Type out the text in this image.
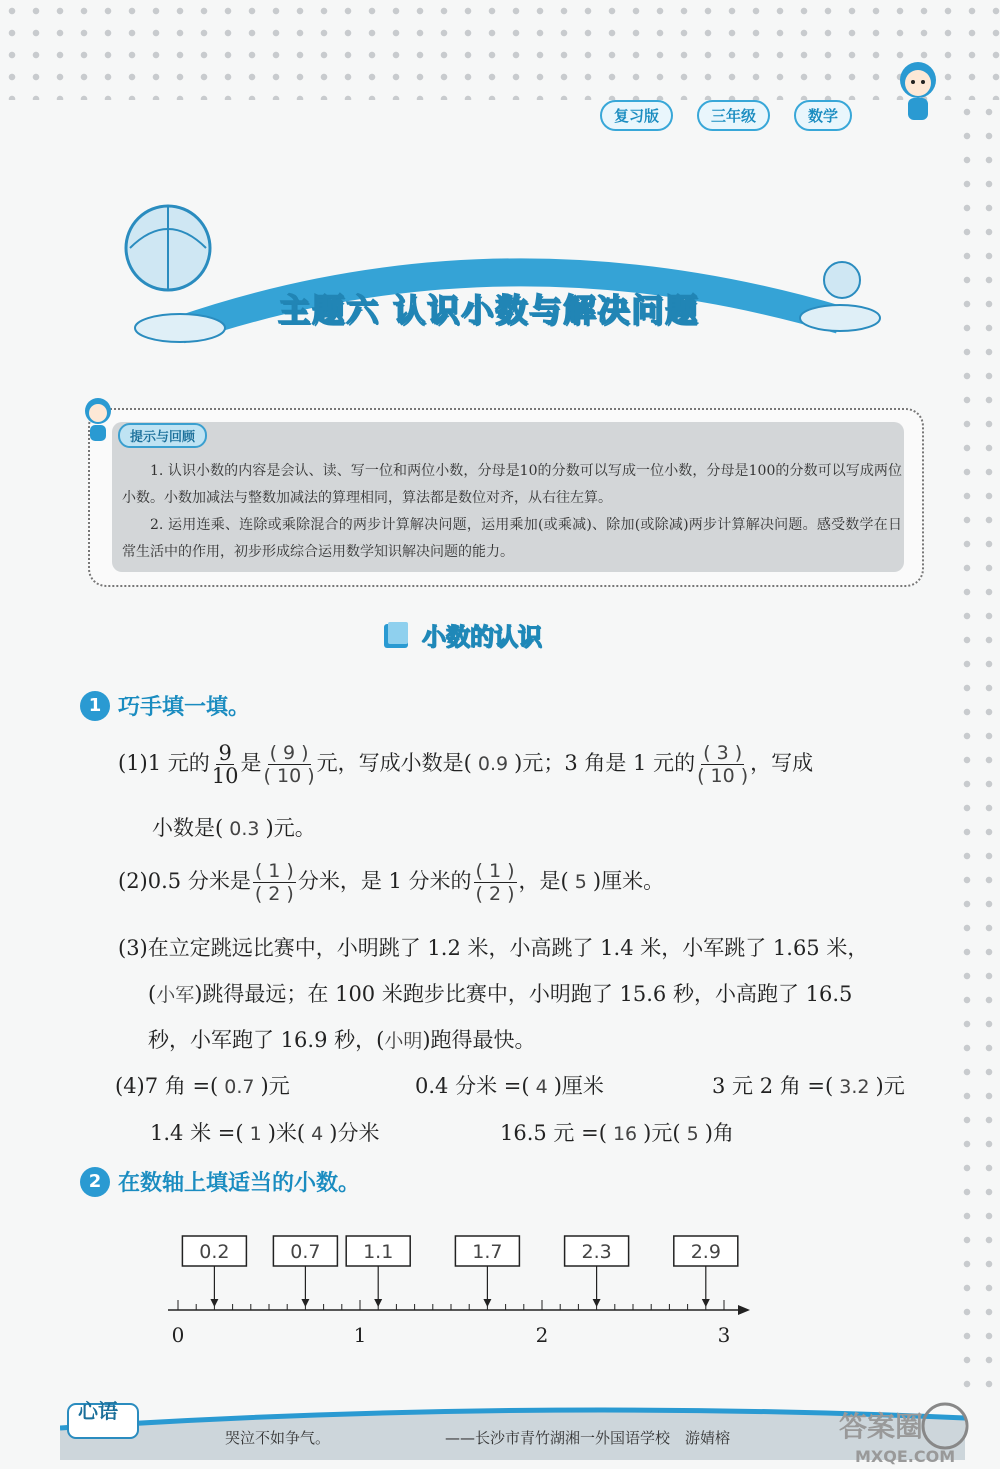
复习版	三年级	数学
主题六 认识小数与解决问题
提示与回顾

1. 认识小数的内容是会认、读、写一位和两位小数，分母是10的分数可以写成一位小数，分母是100的分数可以写成两位小数。小数加减法与整数加减法的算理相同，算法都是数位对齐，从右往左算。

2. 运用连乘、连除或乘除混合的两步计算解决问题，运用乘加(或乘减)、除加(或除减)两步计算解决问题。感受数学在日常生活中的作用，初步形成综合运用数学知识解决问题的能力。

小数的认识
1 巧手填一填。
(1)1 元的 $\frac{9}{10}$ 是 $\frac{( 9 )}{( 10 )}$ 元，写成小数是( 0.9 )元；3 角是 1 元的 $\frac{( 3 )}{( 10 )}$ ，写成
小数是( 0.3 )元。
(2)0.5 分米是 $\frac{( 1 )}{( 2 )}$ 分米，是 1 分米的 $\frac{( 1 )}{( 2 )}$ ，是( 5 )厘米。
(3)在立定跳远比赛中，小明跳了 1.2 米，小高跳了 1.4 米，小军跳了 1.65 米，
(小军)跳得最远；在 100 米跑步比赛中，小明跑了 15.6 秒，小高跑了 16.5
秒，小军跑了 16.9 秒，(小明)跑得最快。
(4)7 角 =( 0.7 )元	0.4 分米 =( 4 )厘米	3 元 2 角 =( 3.2 )元
1.4 米 =( 1 )米( 4 )分米	16.5 元 =( 16 )元( 5 )角
2 在数轴上填适当的小数。
0	1	2	3
0.2	0.7 1.1	1.7	2.3	2.9
心语
哭泣不如争气。	——长沙市青竹湖湘一外国语学校　游婧榕	答案圈
MXQE.COM
